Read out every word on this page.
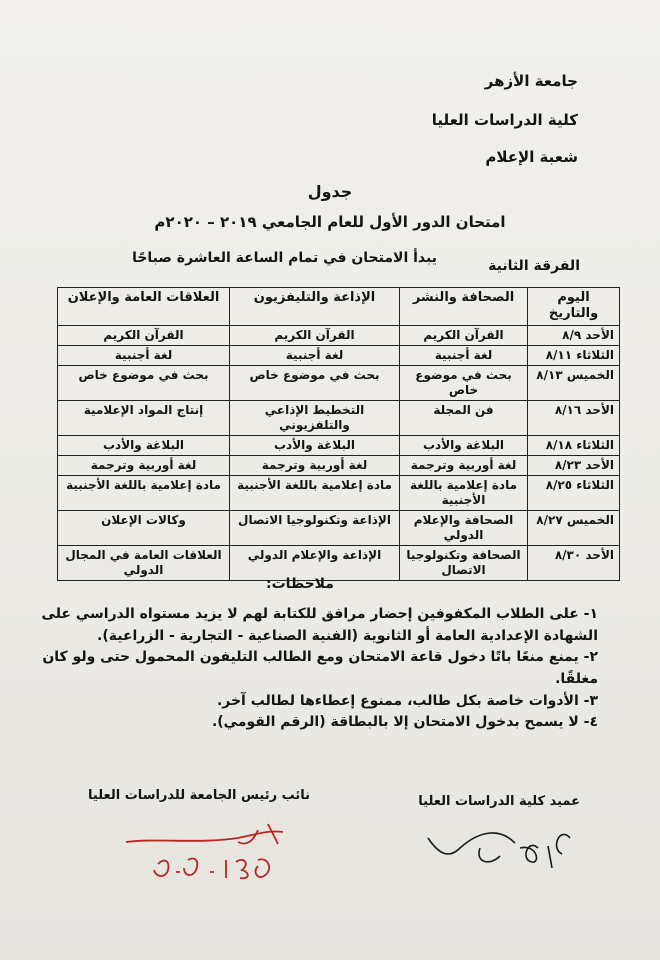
جامعة الأزهر
كلية الدراسات العليا
شعبة الإعلام
جدول
امتحان الدور الأول للعام الجامعي ٢٠١٩ – ٢٠٢٠م
الفرقة الثانية
يبدأ الامتحان في تمام الساعة العاشرة صباحًا
اليوم والتاريخ	الصحافة والنشر	الإذاعة والتليفزيون	العلاقات العامة والإعلان
الأحد ٨/٩	القرآن الكريم	القرآن الكريم	القرآن الكريم
الثلاثاء ٨/١١	لغة أجنبية	لغة أجنبية	لغة أجنبية
الخميس ٨/١٣	بحث في موضوع خاص	بحث في موضوع خاص	بحث في موضوع خاص
الأحد ٨/١٦	فن المجلة	التخطيط الإذاعي والتلفزيوني	إنتاج المواد الإعلامية
الثلاثاء ٨/١٨	البلاغة والأدب	البلاغة والأدب	البلاغة والأدب
الأحد ٨/٢٣	لغة أوربية وترجمة	لغة أوربية وترجمة	لغة أوربية وترجمة
الثلاثاء ٨/٢٥	مادة إعلامية باللغة الأجنبية	مادة إعلامية باللغة الأجنبية	مادة إعلامية باللغة الأجنبية
الخميس ٨/٢٧	الصحافة والإعلام الدولي	الإذاعة وتكنولوجيا الاتصال	وكالات الإعلان
الأحد ٨/٣٠	الصحافة وتكنولوجيا الاتصال	الإذاعة والإعلام الدولي	العلاقات العامة في المجال الدولي
ملاحظات:
١- على الطلاب المكفوفين إحضار مرافق للكتابة لهم لا يزيد مستواه الدراسي على الشهادة الإعدادية العامة أو الثانوية (الفنية الصناعية - التجارية - الزراعية).
٢- يمنع منعًا باتًا دخول قاعة الامتحان ومع الطالب التليفون المحمول حتى ولو كان مغلقًا.
٣- الأدوات خاصة بكل طالب، ممنوع إعطاءها لطالب آخر.
٤- لا يسمح بدخول الامتحان إلا بالبطاقة (الرقم القومي).
عميد كلية الدراسات العليا
نائب رئيس الجامعة للدراسات العليا
